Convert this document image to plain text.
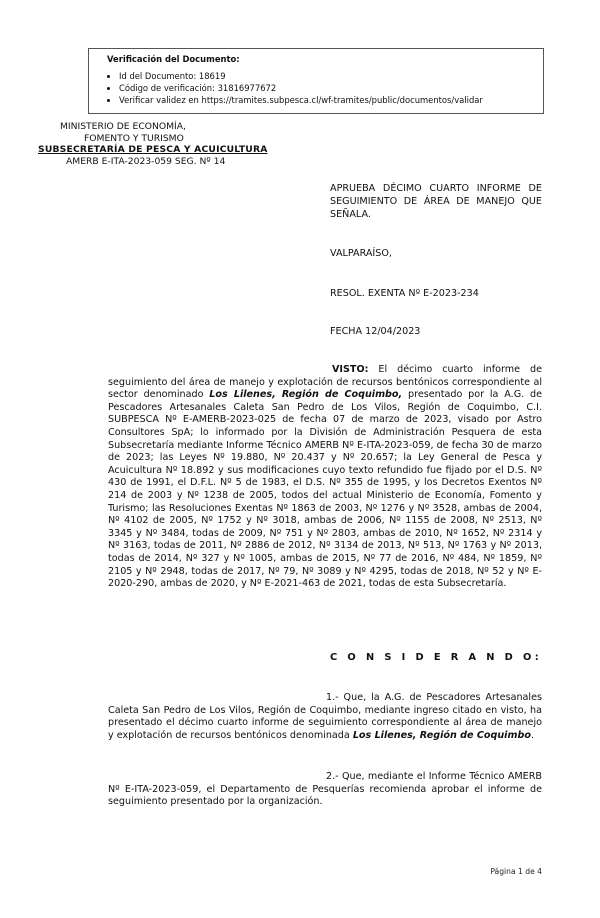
Verificación del Documento:
• Id del Documento: 18619
• Código de verificación: 31816977672
• Verificar validez en https://tramites.subpesca.cl/wf-tramites/public/documentos/validar
MINISTERIO DE ECONOMÍA,
FOMENTO Y TURISMO
SUBSECRETARÍA DE PESCA Y ACUICULTURA
AMERB E-ITA-2023-059 SEG. Nº 14
APRUEBA DÉCIMO CUARTO INFORME DE SEGUIMIENTO DE ÁREA DE MANEJO QUE SEÑALA.
VALPARAÍSO,
RESOL. EXENTA Nº E-2023-234
FECHA 12/04/2023
VISTO: El décimo cuarto informe de seguimiento del área de manejo y explotación de recursos bentónicos correspondiente al sector denominado Los Lilenes, Región de Coquimbo, presentado por la A.G. de Pescadores Artesanales Caleta San Pedro de Los Vilos, Región de Coquimbo, C.I. SUBPESCA Nº E-AMERB-2023-025 de fecha 07 de marzo de 2023, visado por Astro Consultores SpA; lo informado por la División de Administración Pesquera de esta Subsecretaría mediante Informe Técnico AMERB Nº E-ITA-2023-059, de fecha 30 de marzo de 2023; las Leyes Nº 19.880, Nº 20.437 y Nº 20.657; la Ley General de Pesca y Acuicultura Nº 18.892 y sus modificaciones cuyo texto refundido fue fijado por el D.S. Nº 430 de 1991, el D.F.L. Nº 5 de 1983, el D.S. Nº 355 de 1995, y los Decretos Exentos Nº 214 de 2003 y Nº 1238 de 2005, todos del actual Ministerio de Economía, Fomento y Turismo; las Resoluciones Exentas Nº 1863 de 2003, Nº 1276 y Nº 3528, ambas de 2004, Nº 4102 de 2005, Nº 1752 y Nº 3018, ambas de 2006, Nº 1155 de 2008, Nº 2513, Nº 3345 y Nº 3484, todas de 2009, Nº 751 y Nº 2803, ambas de 2010, Nº 1652, Nº 2314 y Nº 3163, todas de 2011, Nº 2886 de 2012, Nº 3134 de 2013, Nº 513, Nº 1763 y Nº 2013, todas de 2014, Nº 327 y Nº 1005, ambas de 2015, Nº 77 de 2016, Nº 484, Nº 1859, Nº 2105 y Nº 2948, todas de 2017, Nº 79, Nº 3089 y Nº 4295, todas de 2018, Nº 52 y Nº E-2020-290, ambas de 2020, y Nº E-2021-463 de 2021, todas de esta Subsecretaría.
C O N S I D E R A N D O:
1.- Que, la A.G. de Pescadores Artesanales Caleta San Pedro de Los Vilos, Región de Coquimbo, mediante ingreso citado en visto, ha presentado el décimo cuarto informe de seguimiento correspondiente al área de manejo y explotación de recursos bentónicos denominada Los Lilenes, Región de Coquimbo.
2.- Que, mediante el Informe Técnico AMERB Nº E-ITA-2023-059, el Departamento de Pesquerías recomienda aprobar el informe de seguimiento presentado por la organización.
Página 1 de 4
